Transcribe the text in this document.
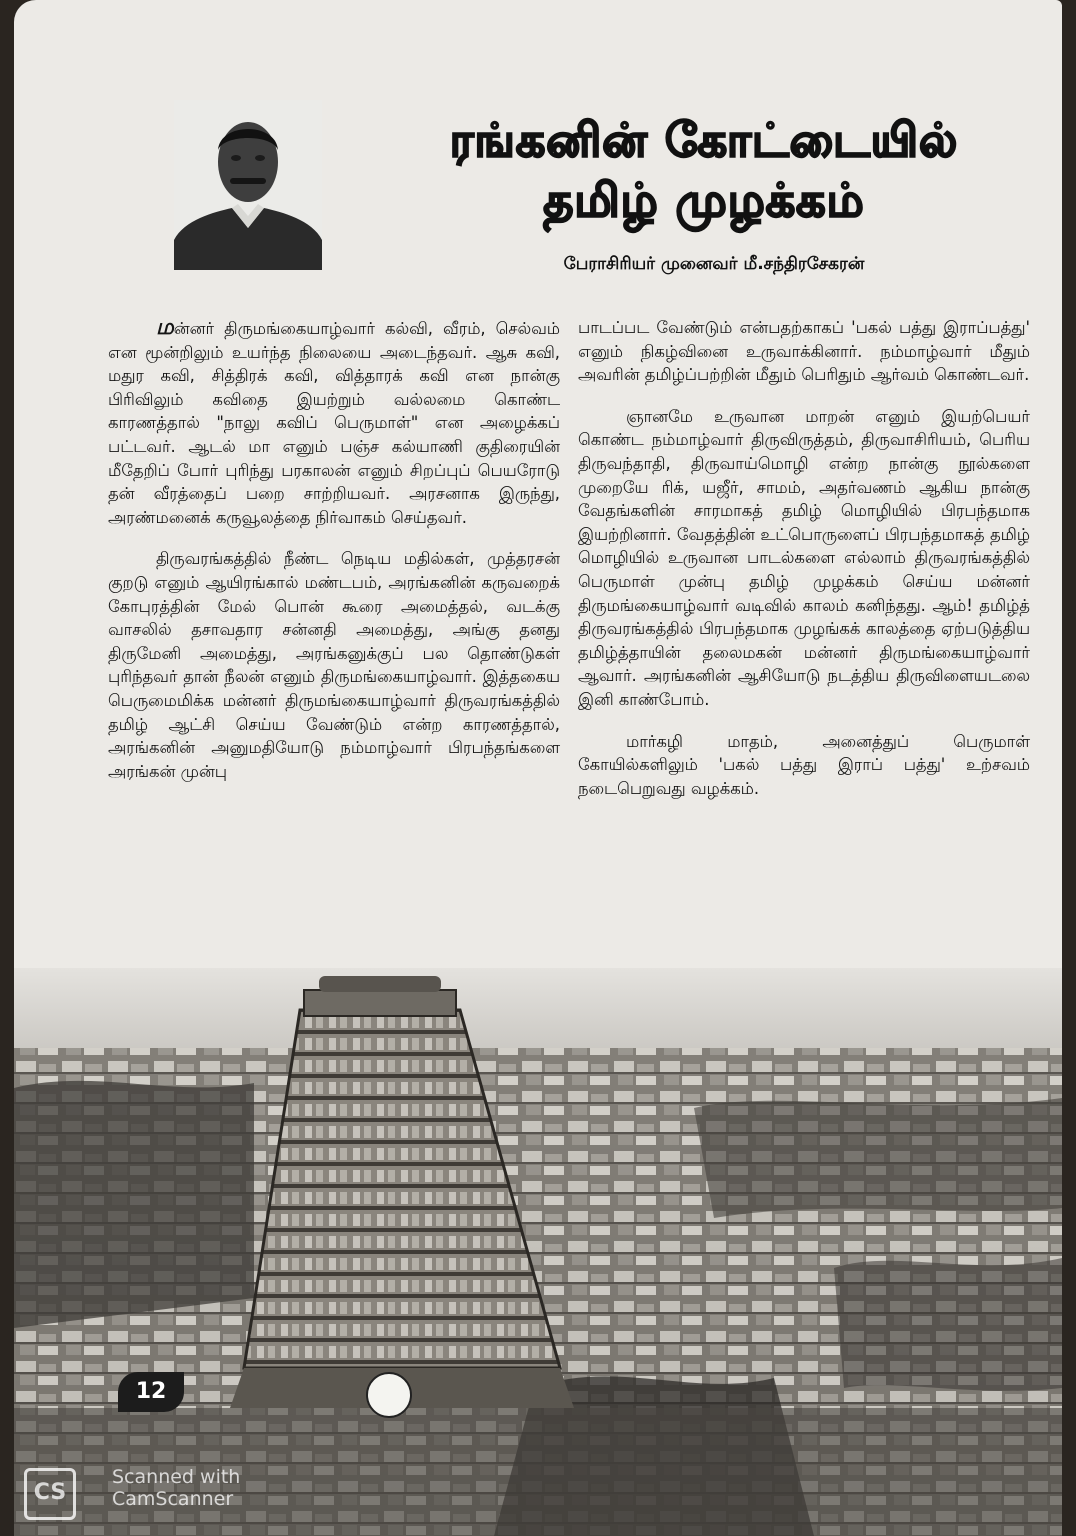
ரங்கனின் கோட்டையில்
தமிழ் முழக்கம்
பேராசிரியர் முனைவர் மீ.சந்திரசேகரன்

மன்னர் திருமங்கையாழ்வார் கல்வி, வீரம், செல்வம் என மூன்றிலும் உயர்ந்த நிலையை அடைந்தவர். ஆசு கவி, மதுர கவி, சித்திரக் கவி, வித்தாரக் கவி என நான்கு பிரிவிலும் கவிதை இயற்றும் வல்லமை கொண்ட காரணத்தால் "நாலு கவிப் பெருமாள்" என அழைக்கப் பட்டவர். ஆடல் மா எனும் பஞ்ச கல்யாணி குதிரையின் மீதேறிப் போர் புரிந்து பரகாலன் எனும் சிறப்புப் பெயரோடு தன் வீரத்தைப் பறை சாற்றியவர். அரசனாக இருந்து, அரண்மனைக் கருவூலத்தை நிர்வாகம் செய்தவர்.

திருவரங்கத்தில் நீண்ட நெடிய மதில்கள், முத்தரசன் குறடு எனும் ஆயிரங்கால் மண்டபம், அரங்கனின் கருவறைக் கோபுரத்தின் மேல் பொன் கூரை அமைத்தல், வடக்கு வாசலில் தசாவதார சன்னதி அமைத்து, அங்கு தனது திருமேனி அமைத்து, அரங்கனுக்குப் பல தொண்டுகள் புரிந்தவர் தான் நீலன் எனும் திருமங்கையாழ்வார். இத்தகைய பெருமைமிக்க மன்னர் திருமங்கையாழ்வார் திருவரங்கத்தில் தமிழ் ஆட்சி செய்ய வேண்டும் என்ற காரணத்தால், அரங்கனின் அனுமதியோடு நம்மாழ்வார் பிரபந்தங்களை அரங்கன் முன்பு

பாடப்பட வேண்டும் என்பதற்காகப் 'பகல் பத்து இராப்பத்து' எனும் நிகழ்வினை உருவாக்கினார். நம்மாழ்வார் மீதும் அவரின் தமிழ்ப்பற்றின் மீதும் பெரிதும் ஆர்வம் கொண்டவர்.

ஞானமே உருவான மாறன் எனும் இயற்பெயர் கொண்ட நம்மாழ்வார் திருவிருத்தம், திருவாசிரியம், பெரிய திருவந்தாதி, திருவாய்மொழி என்ற நான்கு நூல்களை முறையே ரிக், யஜீர், சாமம், அதர்வணம் ஆகிய நான்கு வேதங்களின் சாரமாகத் தமிழ் மொழியில் பிரபந்தமாக இயற்றினார். வேதத்தின் உட்பொருளைப் பிரபந்தமாகத் தமிழ் மொழியில் உருவான பாடல்களை எல்லாம் திருவரங்கத்தில் பெருமாள் முன்பு தமிழ் முழக்கம் செய்ய மன்னர் திருமங்கையாழ்வார் வடிவில் காலம் கனிந்தது. ஆம்! தமிழ்த் திருவரங்கத்தில் பிரபந்தமாக முழங்கக் காலத்தை ஏற்படுத்திய தமிழ்த்தாயின் தலைமகன் மன்னர் திருமங்கையாழ்வார் ஆவார். அரங்கனின் ஆசியோடு நடத்திய திருவிளையடலை இனி காண்போம்.

மார்கழி மாதம், அனைத்துப் பெருமாள் கோயில்களிலும் 'பகல் பத்து இராப் பத்து' உற்சவம் நடைபெறுவது வழக்கம்.

12
CS
Scanned with
CamScanner
